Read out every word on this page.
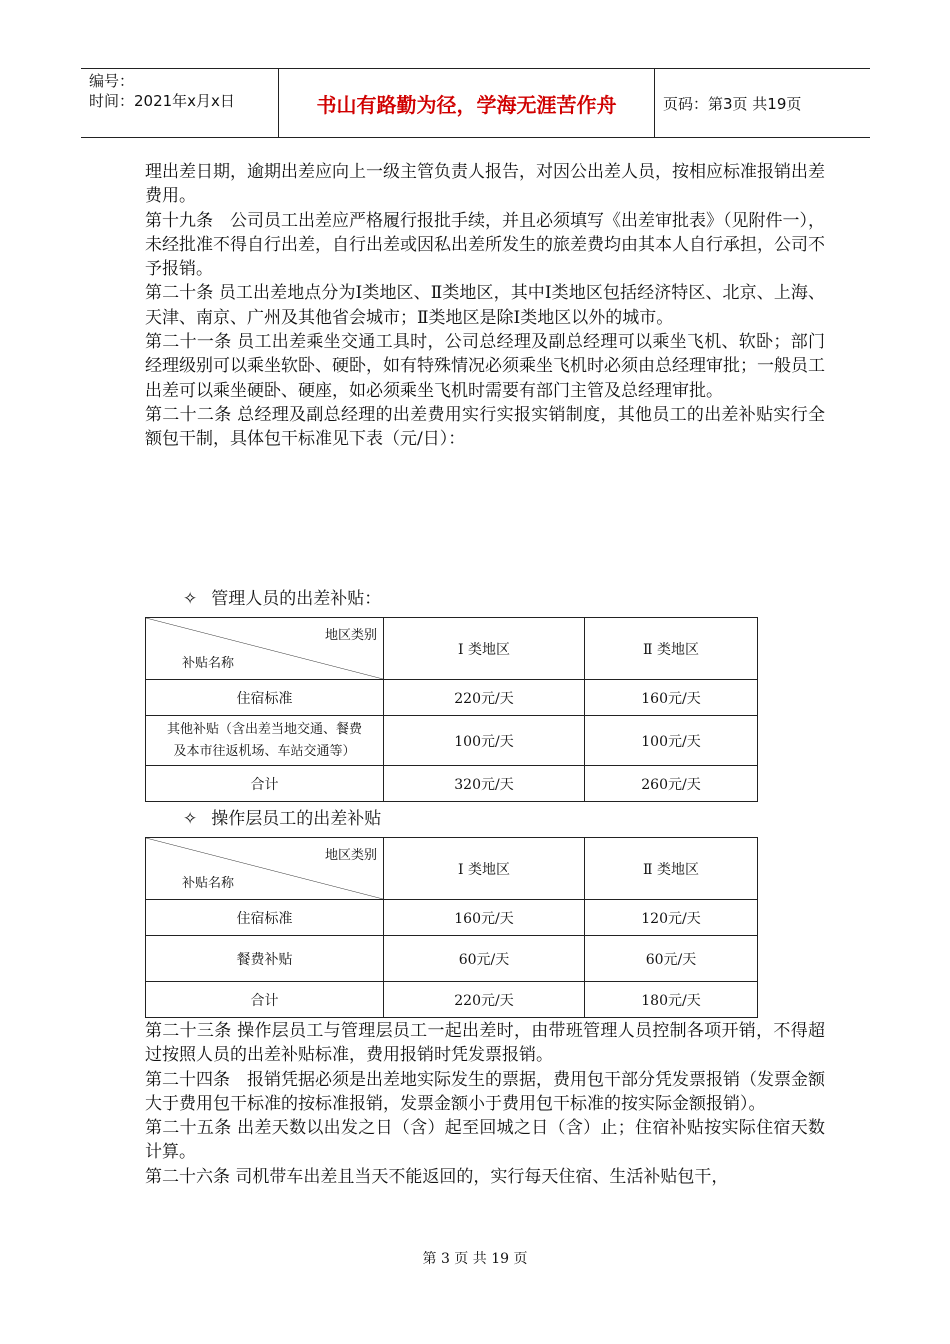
编号：
时间：2021年x月x日	书山有路勤为径，学海无涯苦作舟	页码：第3页 共19页

理出差日期，逾期出差应向上一级主管负责人报告，对因公出差人员，按相应标准报销出差费用。

第十九条　公司员工出差应严格履行报批手续，并且必须填写《出差审批表》（见附件一），未经批准不得自行出差，自行出差或因私出差所发生的旅差费均由其本人自行承担，公司不予报销。

第二十条 员工出差地点分为Ⅰ类地区、Ⅱ类地区，其中Ⅰ类地区包括经济特区、北京、上海、天津、南京、广州及其他省会城市；Ⅱ类地区是除Ⅰ类地区以外的城市。

第二十一条 员工出差乘坐交通工具时，公司总经理及副总经理可以乘坐飞机、软卧；部门经理级别可以乘坐软卧、硬卧，如有特殊情况必须乘坐飞机时必须由总经理审批；一般员工出差可以乘坐硬卧、硬座，如必须乘坐飞机时需要有部门主管及总经理审批。

第二十二条 总经理及副总经理的出差费用实行实报实销制度，其他员工的出差补贴实行全额包干制，具体包干标准见下表（元/日）：

✧ 管理人员的出差补贴：
地区类别
补贴名称	Ⅰ 类地区	Ⅱ 类地区
住宿标准	220元/天	160元/天

其他补贴（含出差当地交通、餐费
及本市往返机场、车站交通等）	100元/天	100元/天
合计	320元/天	260元/天
✧ 操作层员工的出差补贴
地区类别
补贴名称	Ⅰ 类地区	Ⅱ 类地区
住宿标准	160元/天	120元/天
餐费补贴	60元/天	60元/天
合计	220元/天	180元/天

第二十三条 操作层员工与管理层员工一起出差时，由带班管理人员控制各项开销，不得超过按照人员的出差补贴标准，费用报销时凭发票报销。

第二十四条　报销凭据必须是出差地实际发生的票据，费用包干部分凭发票报销（发票金额大于费用包干标准的按标准报销，发票金额小于费用包干标准的按实际金额报销）。

第二十五条 出差天数以出发之日（含）起至回城之日（含）止；住宿补贴按实际住宿天数计算。

第二十六条 司机带车出差且当天不能返回的，实行每天住宿、生活补贴包干，

第 3 页 共 19 页
